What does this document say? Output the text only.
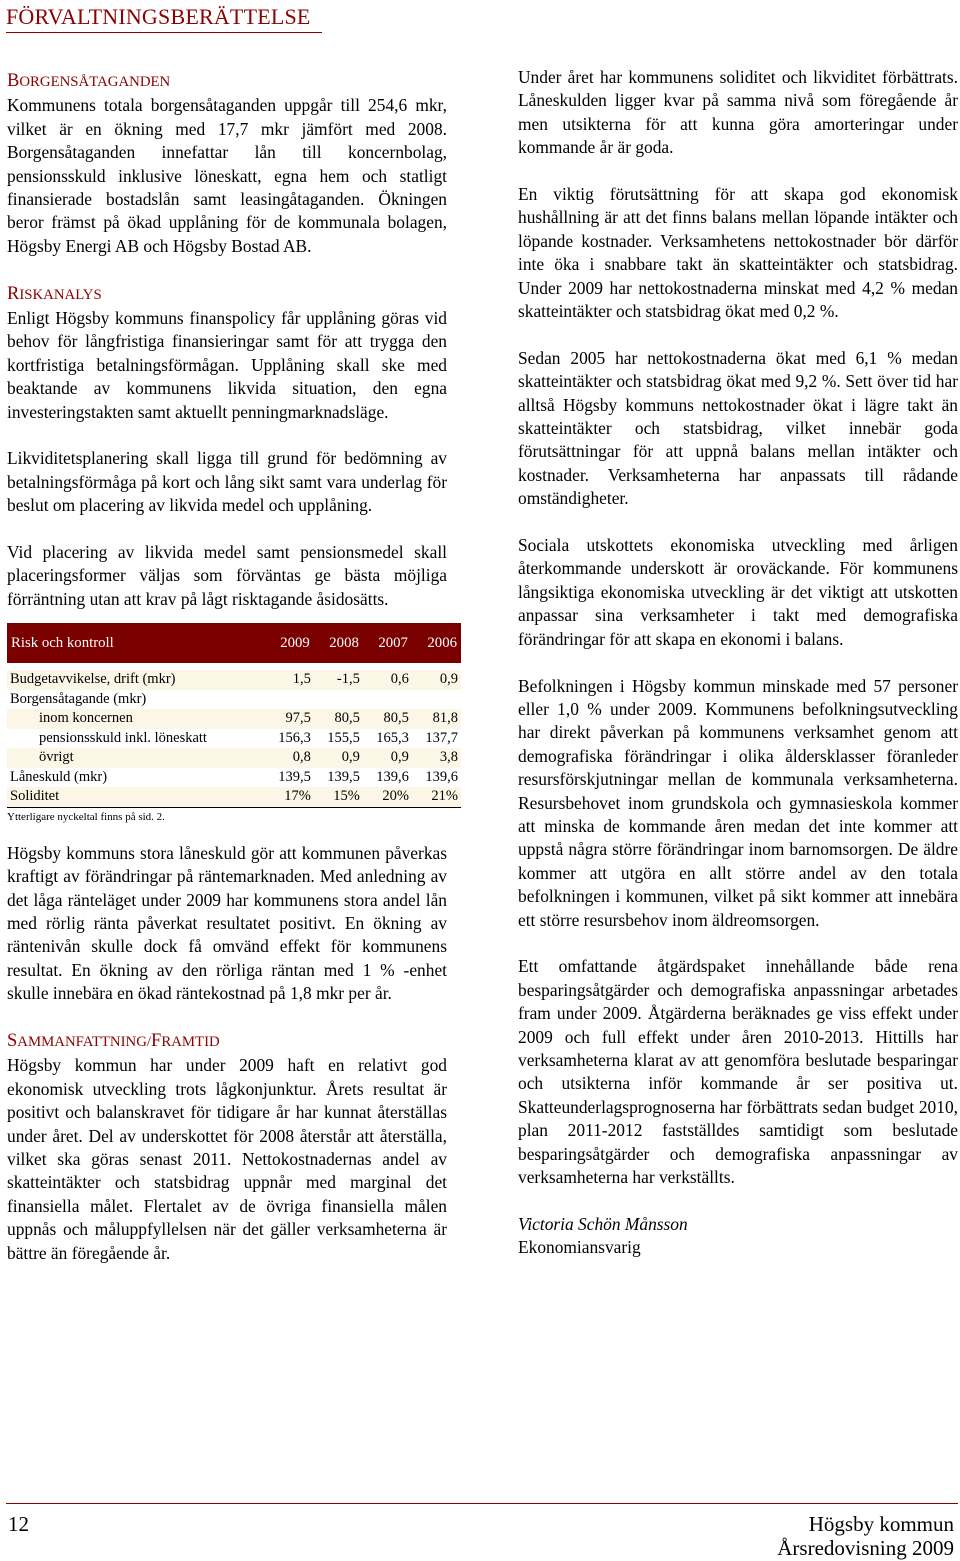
FÖRVALTNINGSBERÄTTELSE
BORGENSÅTAGANDEN

Kommunens totala borgensåtaganden uppgår till 254,6 mkr, vilket är en ökning med 17,7 mkr jämfört med 2008. Borgensåtaganden innefattar lån till koncernbolag, pensionsskuld inklusive löneskatt, egna hem och statligt finansierade bostadslån samt leasingåtaganden. Ökningen beror främst på ökad upplåning för de kommunala bolagen, Högsby Energi AB och Högsby Bostad AB.

RISKANALYS

Enligt Högsby kommuns finanspolicy får upplåning göras vid behov för långfristiga finansieringar samt för att trygga den kortfristiga betalningsförmågan. Upplåning skall ske med beaktande av kommunens likvida situation, den egna investeringstakten samt aktuellt penningmarknadsläge.

Likviditetsplanering skall ligga till grund för bedömning av betalningsförmåga på kort och lång sikt samt vara underlag för beslut om placering av likvida medel och upplåning.

Vid placering av likvida medel samt pensionsmedel skall placeringsformer väljas som förväntas ge bästa möjliga förräntning utan att krav på lågt risktagande åsidosätts.

Risk och kontroll	2009	2008	2007	2006

Budgetavvikelse, drift (mkr)	1,5	-1,5	0,6	0,9
Borgensåtagande (mkr)				
inom koncernen	97,5	80,5	80,5	81,8
pensionsskuld inkl. löneskatt	156,3	155,5	165,3	137,7
övrigt	0,8	0,9	0,9	3,8
Låneskuld (mkr)	139,5	139,5	139,6	139,6
Soliditet	17%	15%	20%	21%
Ytterligare nyckeltal finns på sid. 2.

Högsby kommuns stora låneskuld gör att kommunen påverkas kraftigt av förändringar på räntemarknaden. Med anledning av det låga ränteläget under 2009 har kommunens stora andel lån med rörlig ränta påverkat resultatet positivt. En ökning av räntenivån skulle dock få omvänd effekt för kommunens resultat. En ökning av den rörliga räntan med 1 % -enhet skulle innebära en ökad räntekostnad på 1,8 mkr per år.

SAMMANFATTNING/FRAMTID

Högsby kommun har under 2009 haft en relativt god ekonomisk utveckling trots lågkonjunktur. Årets resultat är positivt och balanskravet för tidigare år har kunnat återställas under året. Del av underskottet för 2008 återstår att återställa, vilket ska göras senast 2011. Nettokostnadernas andel av skatteintäkter och statsbidrag uppnår med marginal det finansiella målet. Flertalet av de övriga finansiella målen uppnås och måluppfyllelsen när det gäller verksamheterna är bättre än föregående år.

Under året har kommunens soliditet och likviditet förbättrats. Låneskulden ligger kvar på samma nivå som föregående år men utsikterna för att kunna göra amorteringar under kommande år är goda.

En viktig förutsättning för att skapa god ekonomisk hushållning är att det finns balans mellan löpande intäkter och löpande kostnader. Verksamhetens nettokostnader bör därför inte öka i snabbare takt än skatteintäkter och statsbidrag. Under 2009 har nettokostnaderna minskat med 4,2 % medan skatteintäkter och statsbidrag ökat med 0,2 %.

Sedan 2005 har nettokostnaderna ökat med 6,1 % medan skatteintäkter och statsbidrag ökat med 9,2 %. Sett över tid har alltså Högsby kommuns nettokostnader ökat i lägre takt än skatteintäkter och statsbidrag, vilket innebär goda förutsättningar för att uppnå balans mellan intäkter och kostnader. Verksamheterna har anpassats till rådande omständigheter.

Sociala utskottets ekonomiska utveckling med årligen återkommande underskott är oroväckande. För kommunens långsiktiga ekonomiska utveckling är det viktigt att utskotten anpassar sina verksamheter i takt med demografiska förändringar för att skapa en ekonomi i balans.

Befolkningen i Högsby kommun minskade med 57 personer eller 1,0 % under 2009. Kommunens befolkningsutveckling har direkt påverkan på kommunens verksamhet genom att demografiska förändringar i olika åldersklasser föranleder resursförskjutningar mellan de kommunala verksamheterna. Resursbehovet inom grundskola och gymnasieskola kommer att minska de kommande åren medan det inte kommer att uppstå några större förändringar inom barnomsorgen. De äldre kommer att utgöra en allt större andel av den totala befolkningen i kommunen, vilket på sikt kommer att innebära ett större resursbehov inom äldreomsorgen.

Ett omfattande åtgärdspaket innehållande både rena besparingsåtgärder och demografiska anpassningar arbetades fram under 2009. Åtgärderna beräknades ge viss effekt under 2009 och full effekt under åren 2010-2013. Hittills har verksamheterna klarat av att genomföra beslutade besparingar och utsikterna inför kommande år ser positiva ut. Skatteunderlagsprognoserna har förbättrats sedan budget 2010, plan 2011-2012 fastställdes samtidigt som beslutade besparingsåtgärder och demografiska anpassningar av verksamheterna har verkställts.

Victoria Schön Månsson
Ekonomiansvarig
12	Högsby kommun
Årsredovisning 2009
